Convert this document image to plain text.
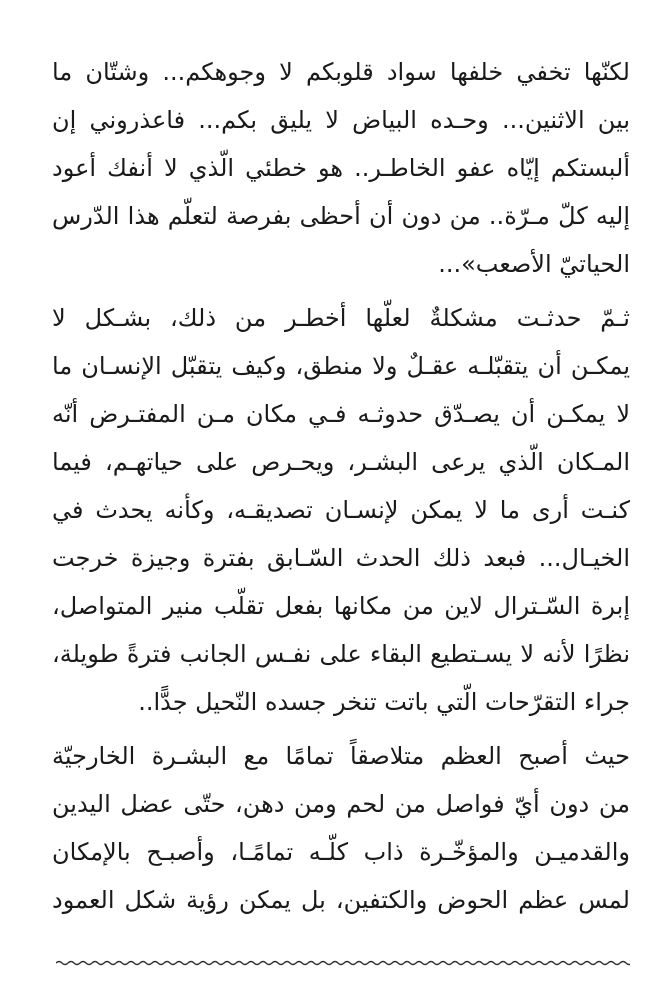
لكنّها تخفي خلفها سواد قلوبكم لا وجوهكم... وشتّان ما
بين الاثنين... وحـده البياض لا يليق بكم... فاعذروني إن
ألبستكم إيّاه عفو الخاطـر.. هو خطئي الّذي لا أنفك أعود
إليه كلّ مـرّة.. من دون أن أحظى بفرصة لتعلّم هذا الدّرس
الحياتيّ الأصعب»...

ثـمّ حدثـت مشكلةٌ لعلّها أخطـر من ذلك، بشـكل لا
يمكـن أن يتقبّلـه عقـلٌ ولا منطق، وكيف يتقبّل الإنسـان ما
لا يمكـن أن يصـدّق حدوثـه فـي مكان مـن المفتـرض أنّه
المـكان الّذي يرعى البشـر، ويحـرص على حياتهـم، فيما
كنـت أرى ما لا يمكن لإنسـان تصديقـه، وكأنه يحدث في
الخيـال... فبعد ذلك الحدث السّـابق بفترة وجيزة خرجت
إبرة السّـترال لاين من مكانها بفعل تقلّب منير المتواصل،
نظرًا لأنه لا يسـتطيع البقاء على نفـس الجانب فترةً طويلة،
جراء التقرّحات الّتي باتت تنخر جسده النّحيل جدًّا..

حيث أصبح العظم متلاصقاً تمامًا مع البشـرة الخارجيّة
من دون أيّ فواصل من لحم ومن دهن، حتّى عضل اليدين
والقدميـن والمؤخّـرة ذاب كلّـه تمامًـا، وأصبـح بالإمكان
لمس عظم الحوض والكتفين، بل يمكن رؤية شكل العمود
